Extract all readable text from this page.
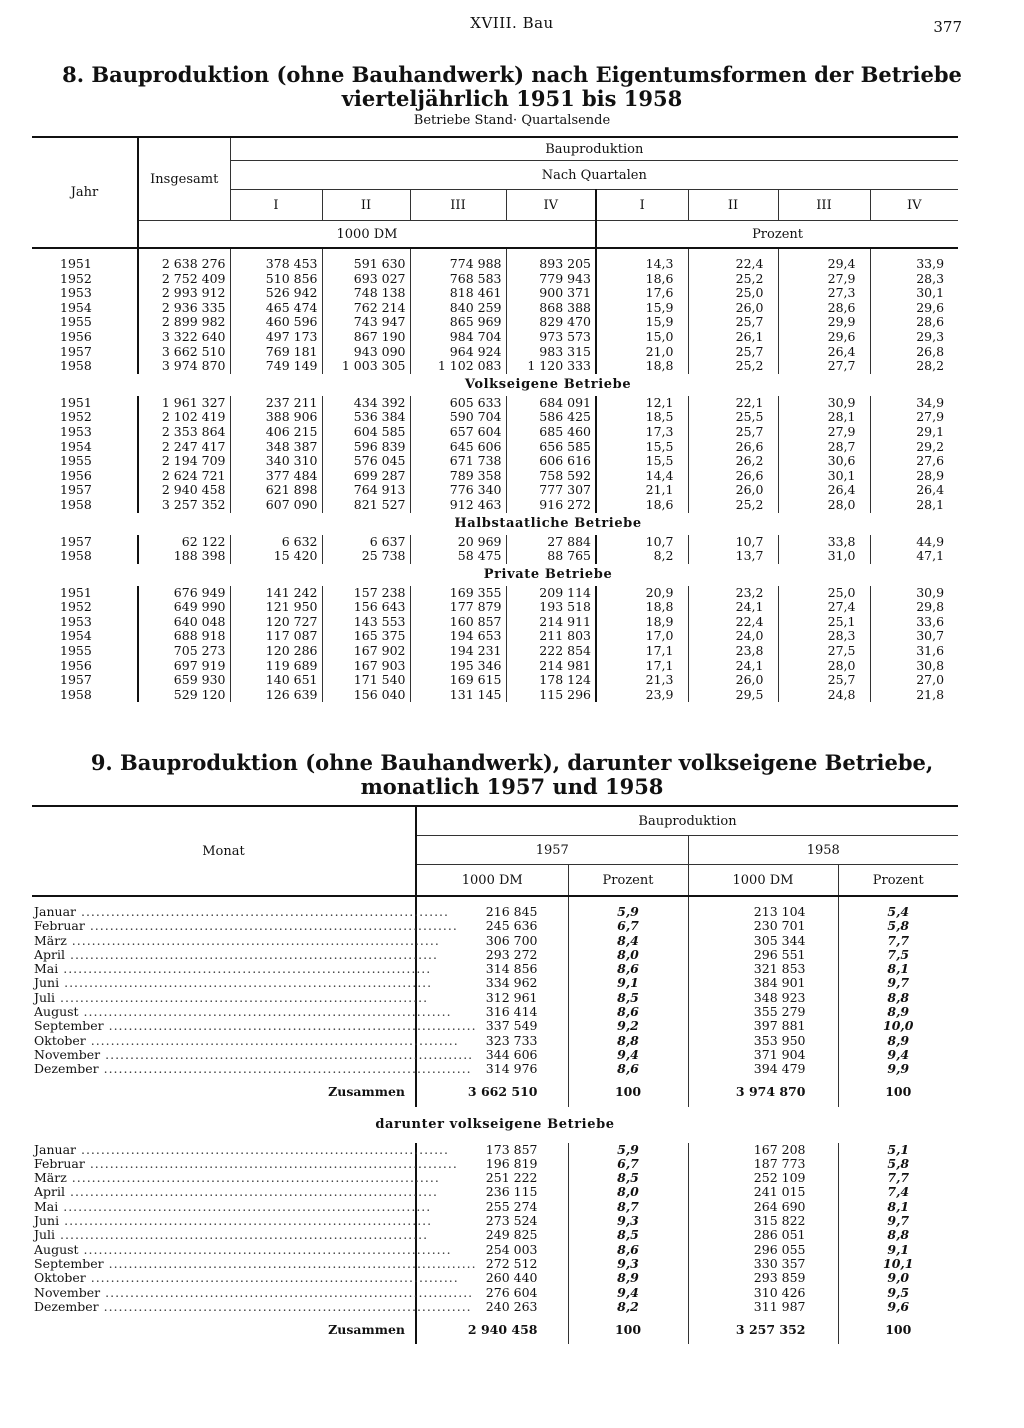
XVIII. Bau	377
8. Bauproduktion (ohne Bauhandwerk) nach Eigentumsformen der Betriebe
vierteljährlich 1951 bis 1958
Betriebe Stand· Quartalsende
Jahr	Insgesamt	Bauproduktion							
		Nach Quartalen							
		I	II	III	IV	I	II	III	IV
	1000 DM					Prozent			

1951	2 638 276	378 453	591 630	774 988	893 205	14,3	22,4	29,4	33,9
1952	2 752 409	510 856	693 027	768 583	779 943	18,6	25,2	27,9	28,3
1953	2 993 912	526 942	748 138	818 461	900 371	17,6	25,0	27,3	30,1
1954	2 936 335	465 474	762 214	840 259	868 388	15,9	26,0	28,6	29,6
1955	2 899 982	460 596	743 947	865 969	829 470	15,9	25,7	29,9	28,6
1956	3 322 640	497 173	867 190	984 704	973 573	15,0	26,1	29,6	29,3
1957	3 662 510	769 181	943 090	964 924	983 315	21,0	25,7	26,4	26,8
1958	3 974 870	749 149	1 003 305	1 102 083	1 120 333	18,8	25,2	27,7	28,2
	Volkseigene Betriebe								
1951	1 961 327	237 211	434 392	605 633	684 091	12,1	22,1	30,9	34,9
1952	2 102 419	388 906	536 384	590 704	586 425	18,5	25,5	28,1	27,9
1953	2 353 864	406 215	604 585	657 604	685 460	17,3	25,7	27,9	29,1
1954	2 247 417	348 387	596 839	645 606	656 585	15,5	26,6	28,7	29,2
1955	2 194 709	340 310	576 045	671 738	606 616	15,5	26,2	30,6	27,6
1956	2 624 721	377 484	699 287	789 358	758 592	14,4	26,6	30,1	28,9
1957	2 940 458	621 898	764 913	776 340	777 307	21,1	26,0	26,4	26,4
1958	3 257 352	607 090	821 527	912 463	916 272	18,6	25,2	28,0	28,1
	Halbstaatliche Betriebe								
1957	62 122	6 632	6 637	20 969	27 884	10,7	10,7	33,8	44,9
1958	188 398	15 420	25 738	58 475	88 765	8,2	13,7	31,0	47,1
	Private Betriebe								
1951	676 949	141 242	157 238	169 355	209 114	20,9	23,2	25,0	30,9
1952	649 990	121 950	156 643	177 879	193 518	18,8	24,1	27,4	29,8
1953	640 048	120 727	143 553	160 857	214 911	18,9	22,4	25,1	33,6
1954	688 918	117 087	165 375	194 653	211 803	17,0	24,0	28,3	30,7
1955	705 273	120 286	167 902	194 231	222 854	17,1	23,8	27,5	31,6
1956	697 919	119 689	167 903	195 346	214 981	17,1	24,1	28,0	30,8
1957	659 930	140 651	171 540	169 615	178 124	21,3	26,0	25,7	27,0
1958	529 120	126 639	156 040	131 145	115 296	23,9	29,5	24,8	21,8

9. Bauproduktion (ohne Bauhandwerk), darunter volkseigene Betriebe,
monatlich 1957 und 1958
Monat	Bauproduktion			
	1957		1958	
	1000 DM	Prozent	1000 DM	Prozent

Januar ..........................................................................	216 845	5,9	213 104	5,4
Februar ..........................................................................	245 636	6,7	230 701	5,8
März ..........................................................................	306 700	8,4	305 344	7,7
April ..........................................................................	293 272	8,0	296 551	7,5
Mai ..........................................................................	314 856	8,6	321 853	8,1
Juni ..........................................................................	334 962	9,1	384 901	9,7
Juli ..........................................................................	312 961	8,5	348 923	8,8
August ..........................................................................	316 414	8,6	355 279	8,9
September ..........................................................................	337 549	9,2	397 881	10,0
Oktober ..........................................................................	323 733	8,8	353 950	8,9
November ..........................................................................	344 606	9,4	371 904	9,4
Dezember ..........................................................................	314 976	8,6	394 479	9,9
Zusammen	3 662 510	100	3 974 870	100
darunter volkseigene Betriebe				
Januar ..........................................................................	173 857	5,9	167 208	5,1
Februar ..........................................................................	196 819	6,7	187 773	5,8
März ..........................................................................	251 222	8,5	252 109	7,7
April ..........................................................................	236 115	8,0	241 015	7,4
Mai ..........................................................................	255 274	8,7	264 690	8,1
Juni ..........................................................................	273 524	9,3	315 822	9,7
Juli ..........................................................................	249 825	8,5	286 051	8,8
August ..........................................................................	254 003	8,6	296 055	9,1
September ..........................................................................	272 512	9,3	330 357	10,1
Oktober ..........................................................................	260 440	8,9	293 859	9,0
November ..........................................................................	276 604	9,4	310 426	9,5
Dezember ..........................................................................	240 263	8,2	311 987	9,6
Zusammen	2 940 458	100	3 257 352	100
